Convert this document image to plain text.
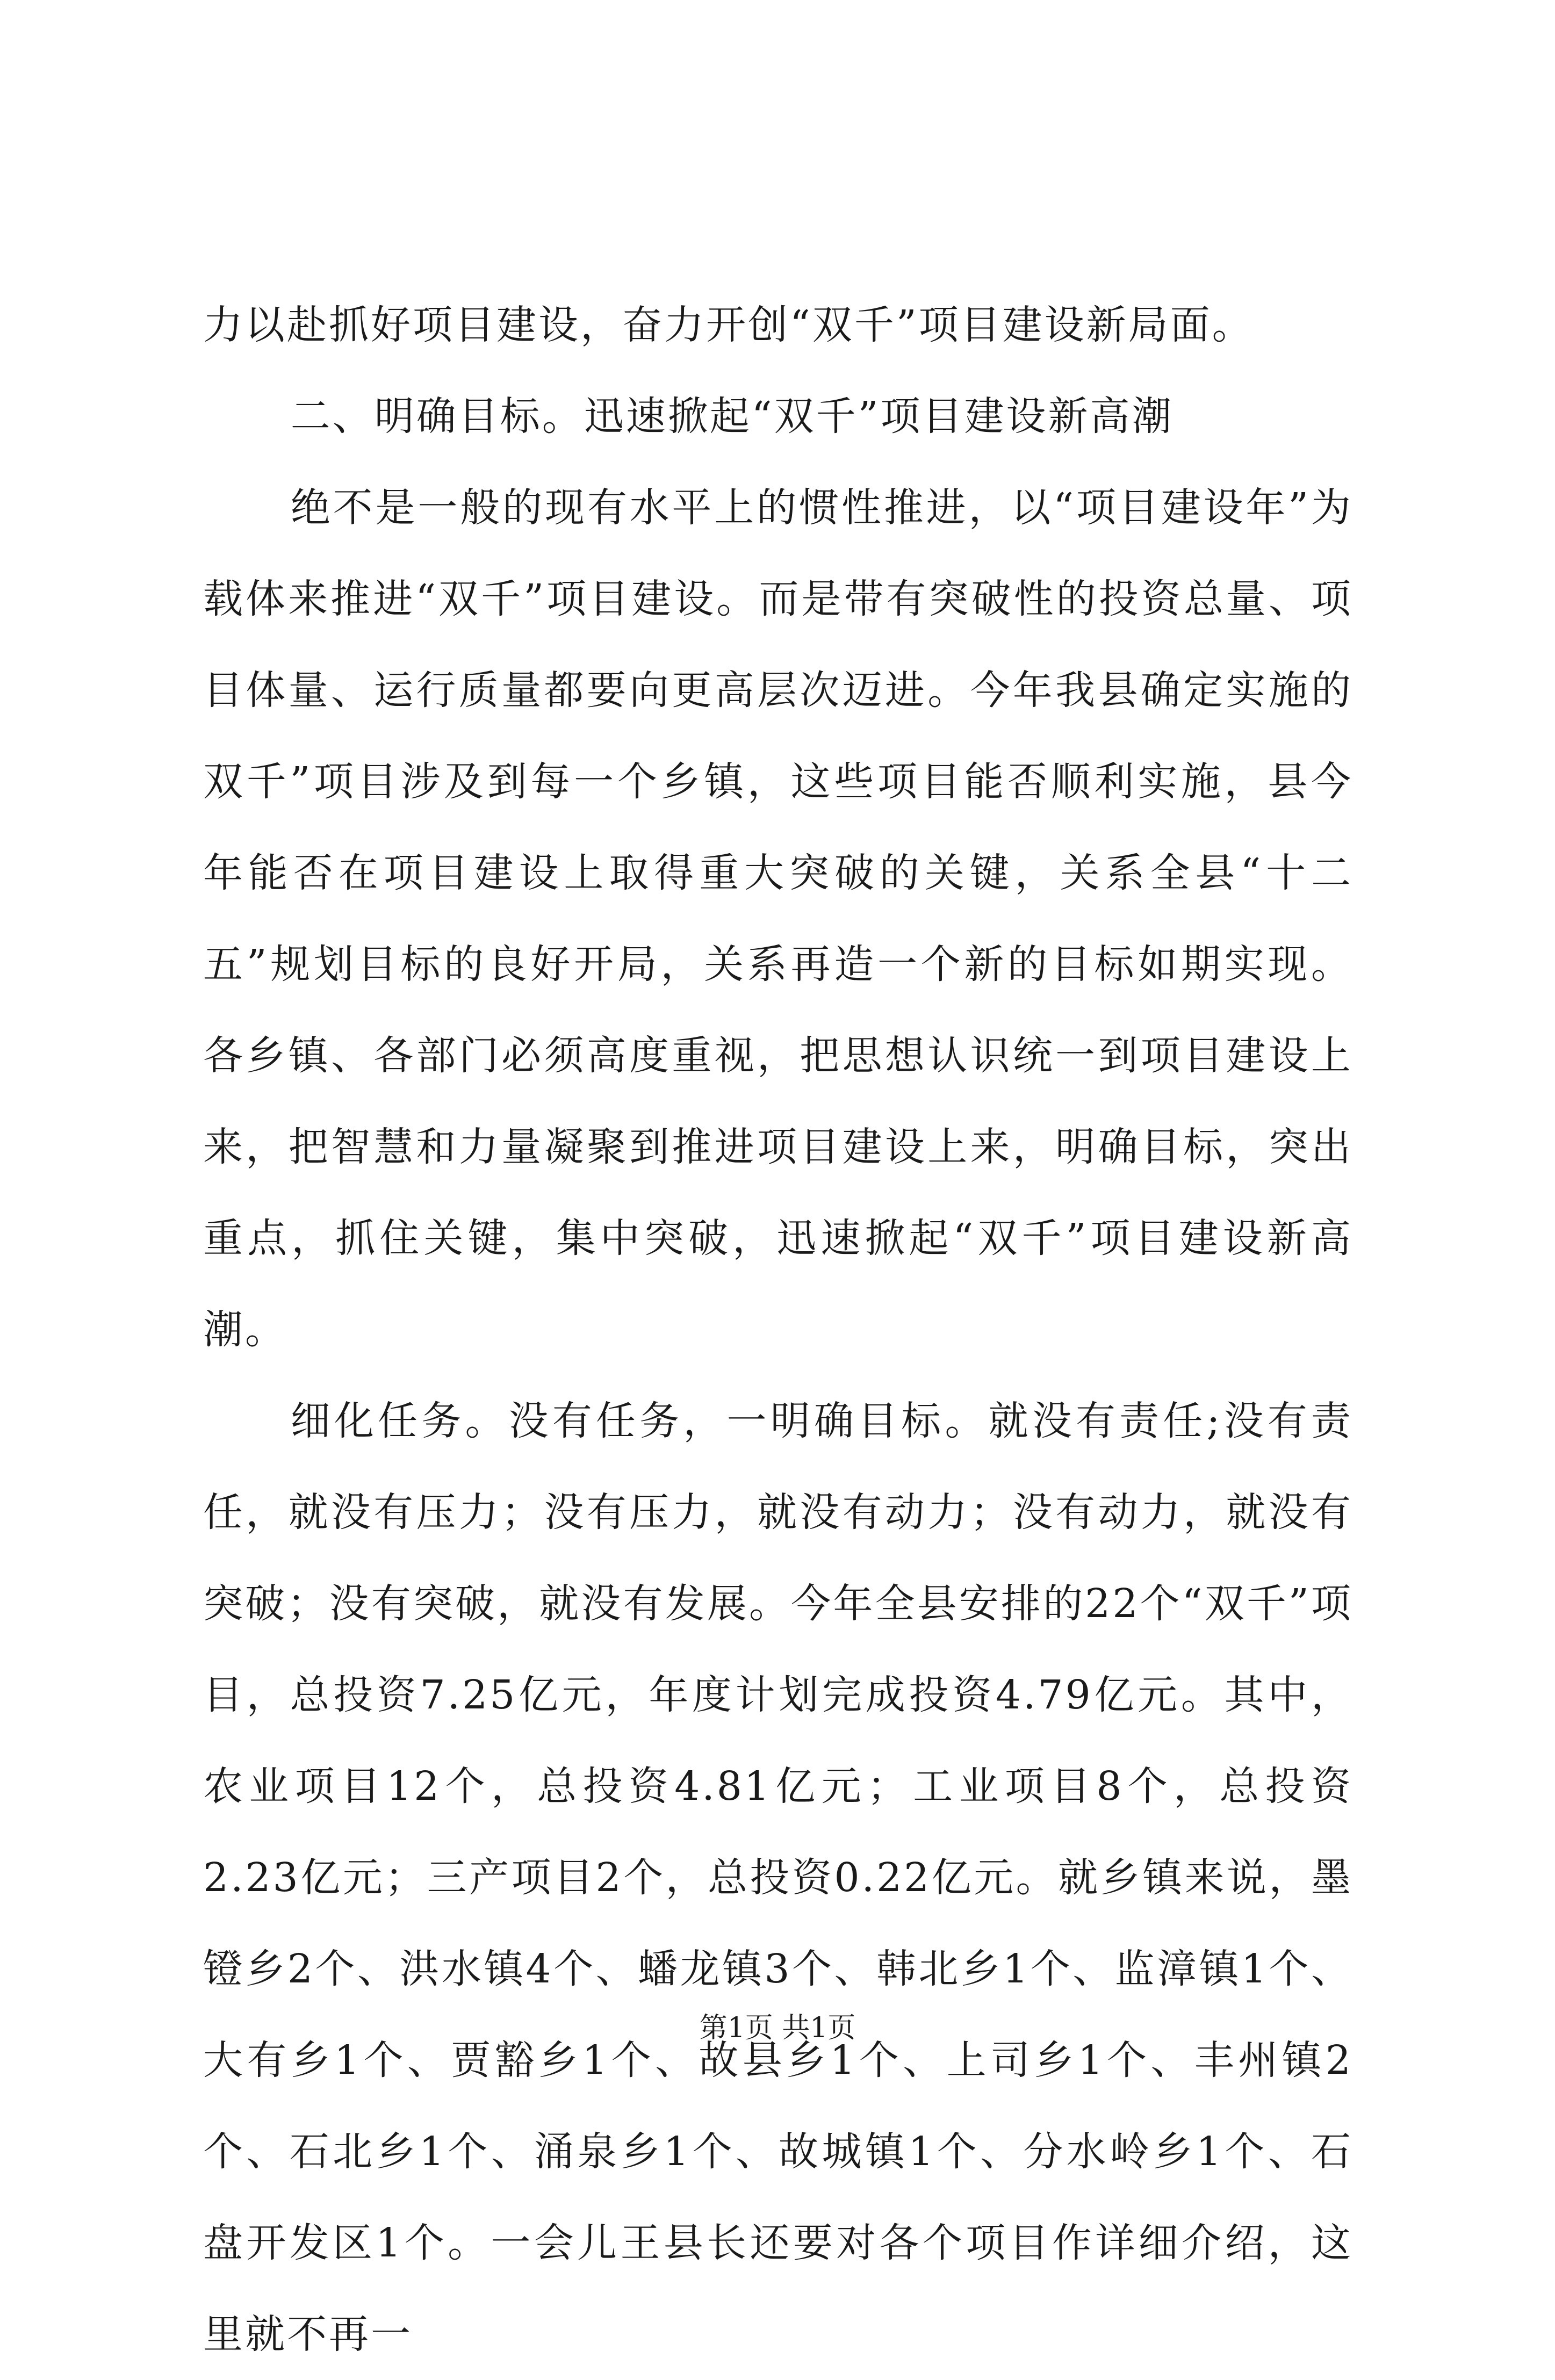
力以赴抓好项目建设，奋力开创“双千”项目建设新局面。

二、明确目标。迅速掀起“双千”项目建设新高潮

绝不是一般的现有水平上的惯性推进，以“项目建设年”为载体来推进“双千”项目建设。而是带有突破性的投资总量、项目体量、运行质量都要向更高层次迈进。今年我县确定实施的双千”项目涉及到每一个乡镇，这些项目能否顺利实施，县今年能否在项目建设上取得重大突破的关键，关系全县“十二五”规划目标的良好开局，关系再造一个新的目标如期实现。各乡镇、各部门必须高度重视，把思想认识统一到项目建设上来，把智慧和力量凝聚到推进项目建设上来，明确目标，突出重点，抓住关键，集中突破，迅速掀起“双千”项目建设新高潮。

细化任务。没有任务，一明确目标。就没有责任;没有责任，就没有压力；没有压力，就没有动力；没有动力，就没有突破；没有突破，就没有发展。今年全县安排的22个“双千”项目，总投资7.25亿元，年度计划完成投资4.79亿元。其中，农业项目12个，总投资4.81亿元；工业项目8个，总投资2.23亿元；三产项目2个，总投资0.22亿元。就乡镇来说，墨镫乡2个、洪水镇4个、蟠龙镇3个、韩北乡1个、监漳镇1个、大有乡1个、贾豁乡1个、故县乡1个、上司乡1个、丰州镇2个、石北乡1个、涌泉乡1个、故城镇1个、分水岭乡1个、石盘开发区1个。一会儿王县长还要对各个项目作详细介绍，这里就不再一

第1页 共1页
